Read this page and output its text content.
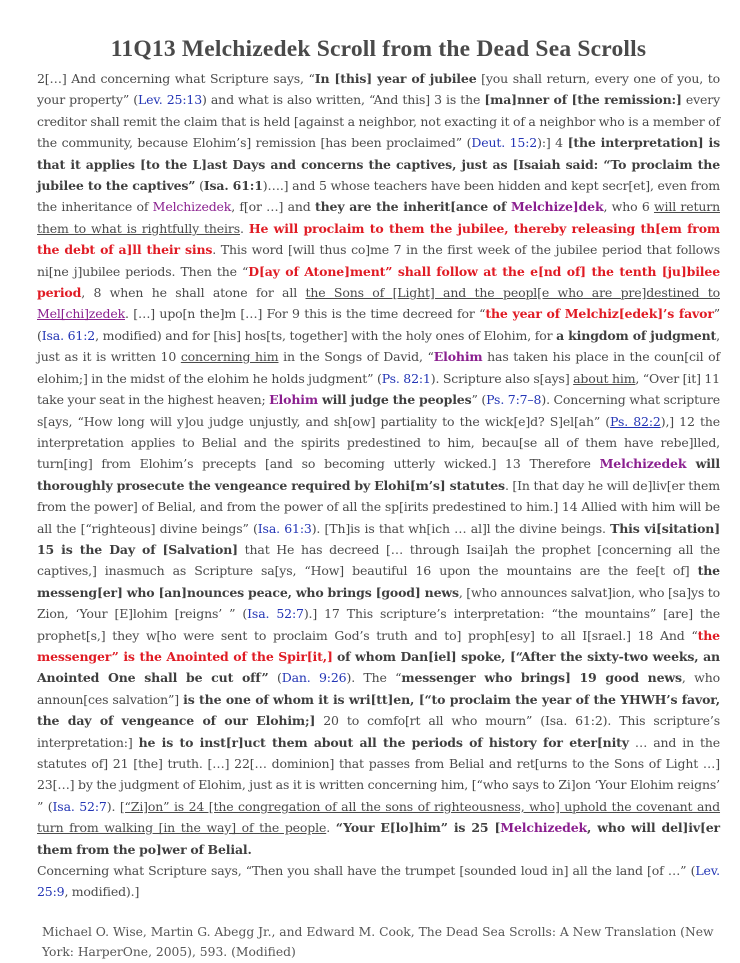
11Q13 Melchizedek Scroll from the Dead Sea Scrolls
2[…] And concerning what Scripture says, “In [this] year of jubilee [you shall return, every one of you, to your property” (Lev. 25:13) and what is also written, “And this] 3 is the [ma]nner of [the remission:] every creditor shall remit the claim that is held [against a neighbor, not exacting it of a neighbor who is a member of the community, because Elohim’s] remission [has been proclaimed” (Deut. 15:2):] 4 [the interpretation] is that it applies [to the L]ast Days and concerns the captives, just as [Isaiah said: “To proclaim the jubilee to the captives” (Isa. 61:1)….] and 5 whose teachers have been hidden and kept secr[et], even from the inheritance of Melchizedek, f[or …] and they are the inherit[ance of Melchize]dek, who 6 will return them to what is rightfully theirs. He will proclaim to them the jubilee, thereby releasing th[em from the debt of a]ll their sins. This word [will thus co]me 7 in the first week of the jubilee period that follows ni[ne j]ubilee periods. Then the “D[ay of Atone]ment” shall follow at the e[nd of] the tenth [ju]bilee period, 8 when he shall atone for all the Sons of [Light] and the peopl[e who are pre]destined to Mel[chi]zedek. […] upo[n the]m […] For 9 this is the time decreed for “the year of Melchiz[edek]’s favor” (Isa. 61:2, modified) and for [his] hos[ts, together] with the holy ones of Elohim, for a kingdom of judgment, just as it is written 10 concerning him in the Songs of David, “Elohim has taken his place in the coun[cil of elohim;] in the midst of the elohim he holds judgment” (Ps. 82:1). Scripture also s[ays] about him, “Over [it] 11 take your seat in the highest heaven; Elohim will judge the peoples” (Ps. 7:7–8). Concerning what scripture s[ays, “How long will y]ou judge unjustly, and sh[ow] partiality to the wick[e]d? S]el[ah” (Ps. 82:2),] 12 the interpretation applies to Belial and the spirits predestined to him, becau[se all of them have rebe]lled, turn[ing] from Elohim’s precepts [and so becoming utterly wicked.] 13 Therefore Melchizedek will thoroughly prosecute the vengeance required by Elohi[m’s] statutes. [In that day he will de]liv[er them from the power] of Belial, and from the power of all the sp[irits predestined to him.] 14 Allied with him will be all the [“righteous] divine beings” (Isa. 61:3). [Th]is is that wh[ich … al]l the divine beings. This vi[sitation] 15 is the Day of [Salvation] that He has decreed [… through Isai]ah the prophet [concerning all the captives,] inasmuch as Scripture sa[ys, “How] beautiful 16 upon the mountains are the fee[t of] the messeng[er] who [an]nounces peace, who brings [good] news, [who announces salvat]ion, who [sa]ys to Zion, ‘Your [E]lohim [reigns’ ” (Isa. 52:7).] 17 This scripture’s interpretation: “the mountains” [are] the prophet[s,] they w[ho were sent to proclaim God’s truth and to] proph[esy] to all I[srael.] 18 And “the messenger” is the Anointed of the Spir[it,] of whom Dan[iel] spoke, [“After the sixty-two weeks, an Anointed One shall be cut off” (Dan. 9:26). The “messenger who brings] 19 good news, who announ[ces salvation”] is the one of whom it is wri[tt]en, [“to proclaim the year of the YHWH’s favor, the day of vengeance of our Elohim;] 20 to comfo[rt all who mourn” (Isa. 61:2). This scripture’s interpretation:] he is to inst[r]uct them about all the periods of history for eter[nity … and in the statutes of] 21 [the] truth. […] 22[… dominion] that passes from Belial and ret[urns to the Sons of Light …] 23[…] by the judgment of Elohim, just as it is written concerning him, [“who says to Zi]on ‘Your Elohim reigns’ ” (Isa. 52:7). [“Zi]on” is 24 [the congregation of all the sons of righteousness, who] uphold the covenant and turn from walking [in the way] of the people. “Your E[lo]him” is 25 [Melchizedek, who will del]iv[er them from the po]wer of Belial.
Concerning what Scripture says, “Then you shall have the trumpet [sounded loud in] all the land [of …” (Lev. 25:9, modified).]
Michael O. Wise, Martin G. Abegg Jr., and Edward M. Cook, The Dead Sea Scrolls: A New Translation (New York: HarperOne, 2005), 593. (Modified)
